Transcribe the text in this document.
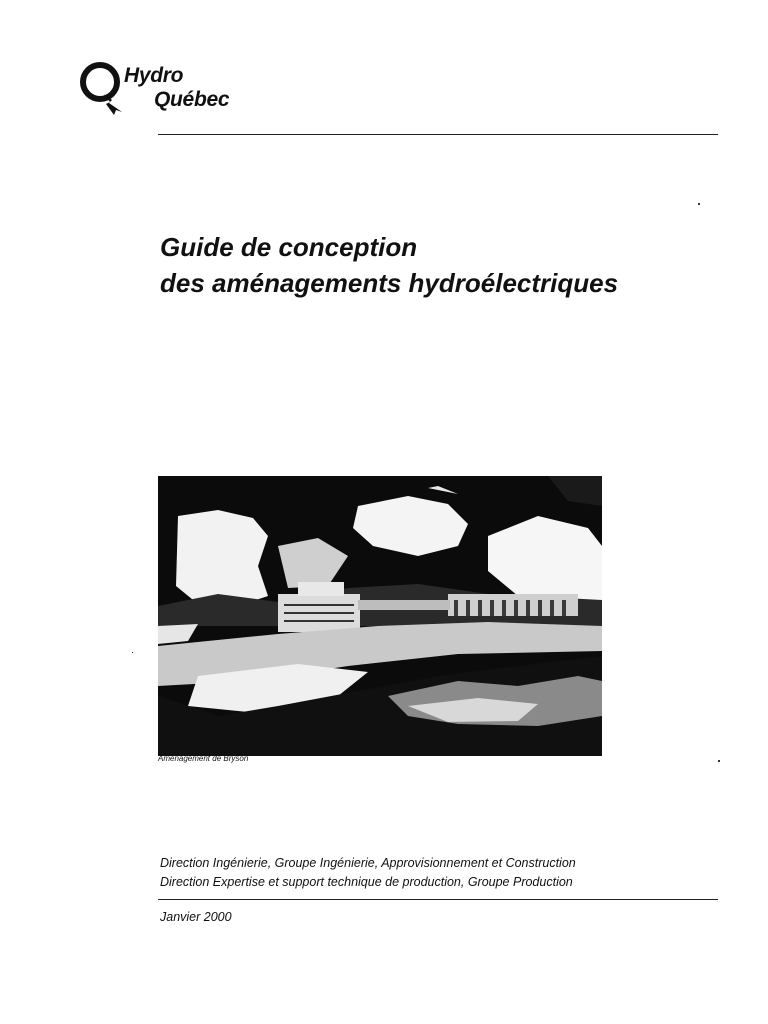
Hydro
Québec
Guide de conception
des aménagements hydroélectriques
Aménagement de Bryson
Direction Ingénierie, Groupe Ingénierie, Approvisionnement et Construction
Direction Expertise et support technique de production, Groupe Production
Janvier 2000
